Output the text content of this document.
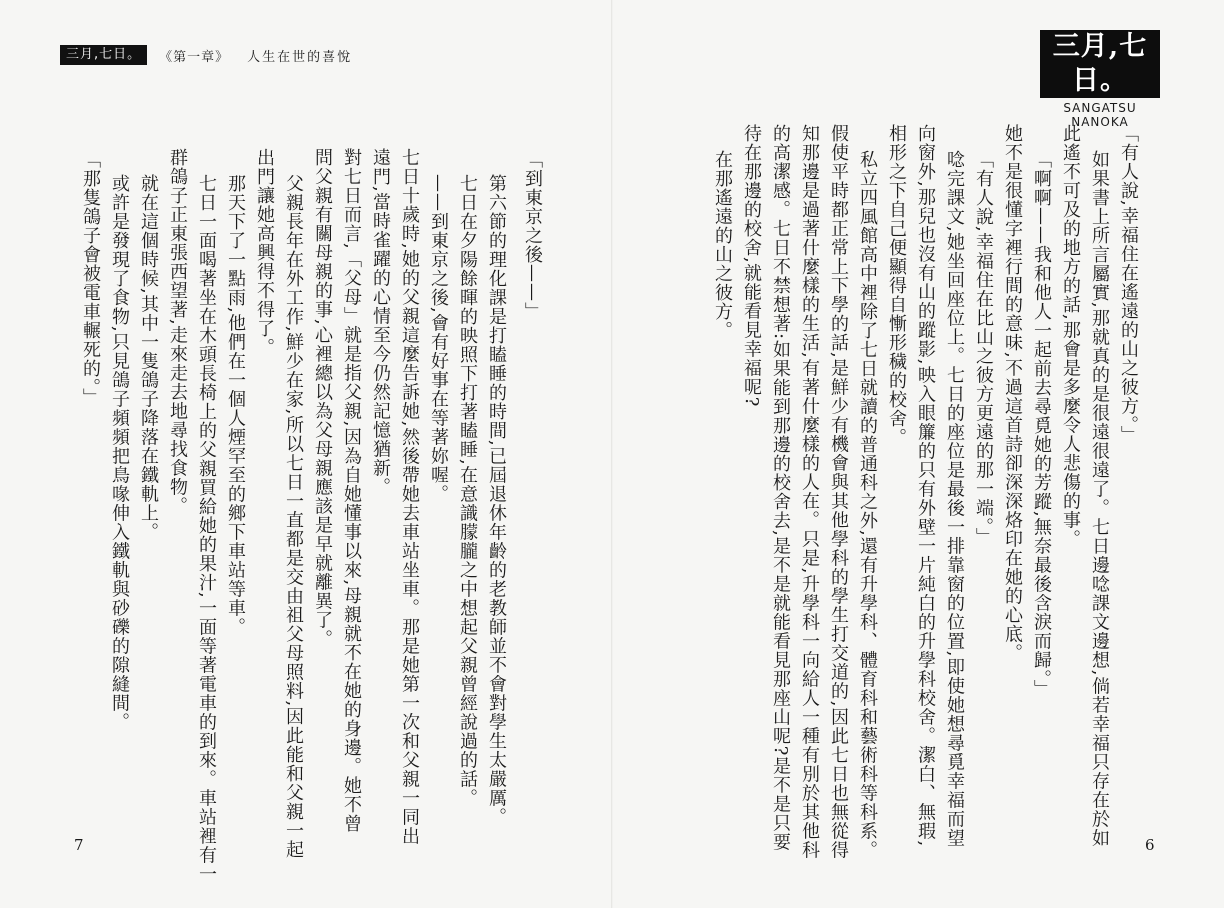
三月,七日。	《第一章》 人生在世的喜悅
「到東京之後——」
第六節的理化課是打瞌睡的時間,已屆退休年齡的老教師並不會對學生太嚴厲。
七日在夕陽餘暉的映照下打著瞌睡,在意識朦朧之中想起父親曾經說過的話。
——到東京之後,會有好事在等著妳喔。
七日十歲時,她的父親這麼告訴她,然後帶她去車站坐車。那是她第一次和父親一同出
遠門,當時雀躍的心情至今仍然記憶猶新。
對七日而言,「父母」就是指父親,因為自她懂事以來,母親就不在她的身邊。她不曾
問父親有關母親的事,心裡總以為父母親應該是早就離異了。
父親長年在外工作,鮮少在家,所以七日一直都是交由祖父母照料,因此能和父親一起
出門讓她高興得不得了。
那天下了一點雨,他們在一個人煙罕至的鄉下車站等車。
七日一面喝著坐在木頭長椅上的父親買給她的果汁,一面等著電車的到來。車站裡有一
群鴿子正東張西望著,走來走去地尋找食物。
就在這個時候,其中一隻鴿子降落在鐵軌上。
或許是發現了食物,只見鴿子頻頻把鳥喙伸入鐵軌與砂礫的隙縫間。
「那隻鴿子會被電車輾死的。」
7
三月,七日。
SANGATSU NANOKA
「有人說,幸福住在遙遠的山之彼方。」
如果書上所言屬實,那就真的是很遠很遠了。七日邊唸課文邊想,倘若幸福只存在於如
此遙不可及的地方的話,那會是多麼令人悲傷的事。
「啊啊——我和他人一起前去尋覓她的芳蹤,無奈最後含淚而歸。」
她不是很懂字裡行間的意味,不過這首詩卻深深烙印在她的心底。
「有人說,幸福住在比山之彼方更遠的那一端。」
唸完課文,她坐回座位上。七日的座位是最後一排靠窗的位置,即使她想尋覓幸福而望
向窗外,那兒也沒有山的蹤影,映入眼簾的只有外壁一片純白的升學科校舍。潔白、無瑕,
相形之下自己便顯得自慚形穢的校舍。
私立四風館高中裡除了七日就讀的普通科之外,還有升學科、體育科和藝術科等科系。
假使平時都正常上下學的話,是鮮少有機會與其他學科的學生打交道的,因此七日也無從得
知那邊是過著什麼樣的生活,有著什麼樣的人在。只是,升學科一向給人一種有別於其他科
的高潔感。七日不禁想著:如果能到那邊的校舍去,是不是就能看見那座山呢?是不是只要
待在那邊的校舍,就能看見幸福呢?
在那遙遠的山之彼方。
6
